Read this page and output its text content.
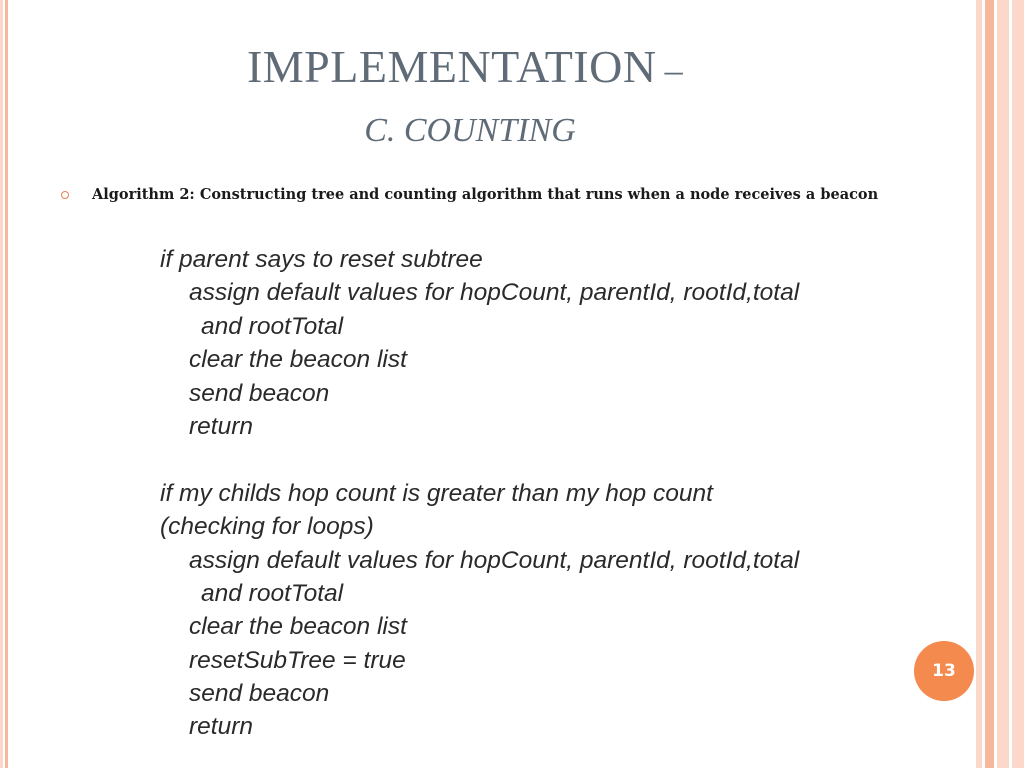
IMPLEMENTATION –
C. COUNTING
Algorithm 2: Constructing tree and counting algorithm that runs when a node receives a beacon
if parent says to reset subtree
assign default values for hopCount, parentId, rootId,total
and rootTotal
clear the beacon list
send beacon
return
if my childs hop count is greater than my hop count
(checking for loops)
assign default values for hopCount, parentId, rootId,total
and rootTotal
clear the beacon list
resetSubTree = true
send beacon
return
13
